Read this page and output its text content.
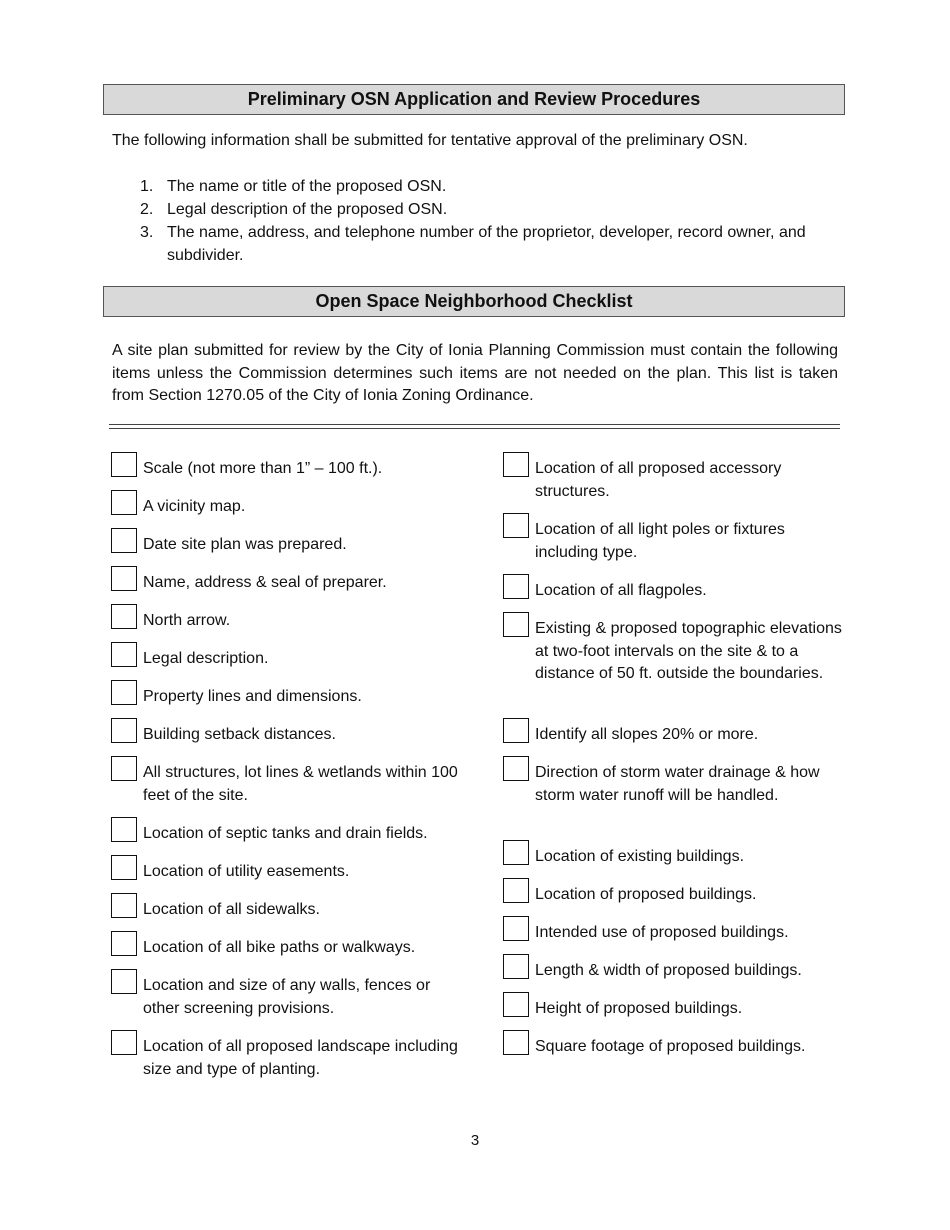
Preliminary OSN Application and Review Procedures
The following information shall be submitted for tentative approval of the preliminary OSN.
1. The name or title of the proposed OSN.
2. Legal description of the proposed OSN.
3. The name, address, and telephone number of the proprietor, developer, record owner, and subdivider.
Open Space Neighborhood Checklist
A site plan submitted for review by the City of Ionia Planning Commission must contain the following items unless the Commission determines such items are not needed on the plan. This list is taken from Section 1270.05 of the City of Ionia Zoning Ordinance.
Scale (not more than 1” – 100 ft.).
A vicinity map.
Date site plan was prepared.
Name, address & seal of preparer.
North arrow.
Legal description.
Property lines and dimensions.
Building setback distances.
All structures, lot lines & wetlands within 100 feet of the site.
Location of septic tanks and drain fields.
Location of utility easements.
Location of all sidewalks.
Location of all bike paths or walkways.
Location and size of any walls, fences or other screening provisions.
Location of all proposed landscape including size and type of planting.
Location of all proposed accessory structures.
Location of all light poles or fixtures including type.
Location of all flagpoles.
Existing & proposed topographic elevations at two-foot intervals on the site & to a distance of 50 ft. outside the boundaries.
Identify all slopes 20% or more.
Direction of storm water drainage & how storm water runoff will be handled.
Location of existing buildings.
Location of proposed buildings.
Intended use of proposed buildings.
Length & width of proposed buildings.
Height of proposed buildings.
Square footage of proposed buildings.
3
